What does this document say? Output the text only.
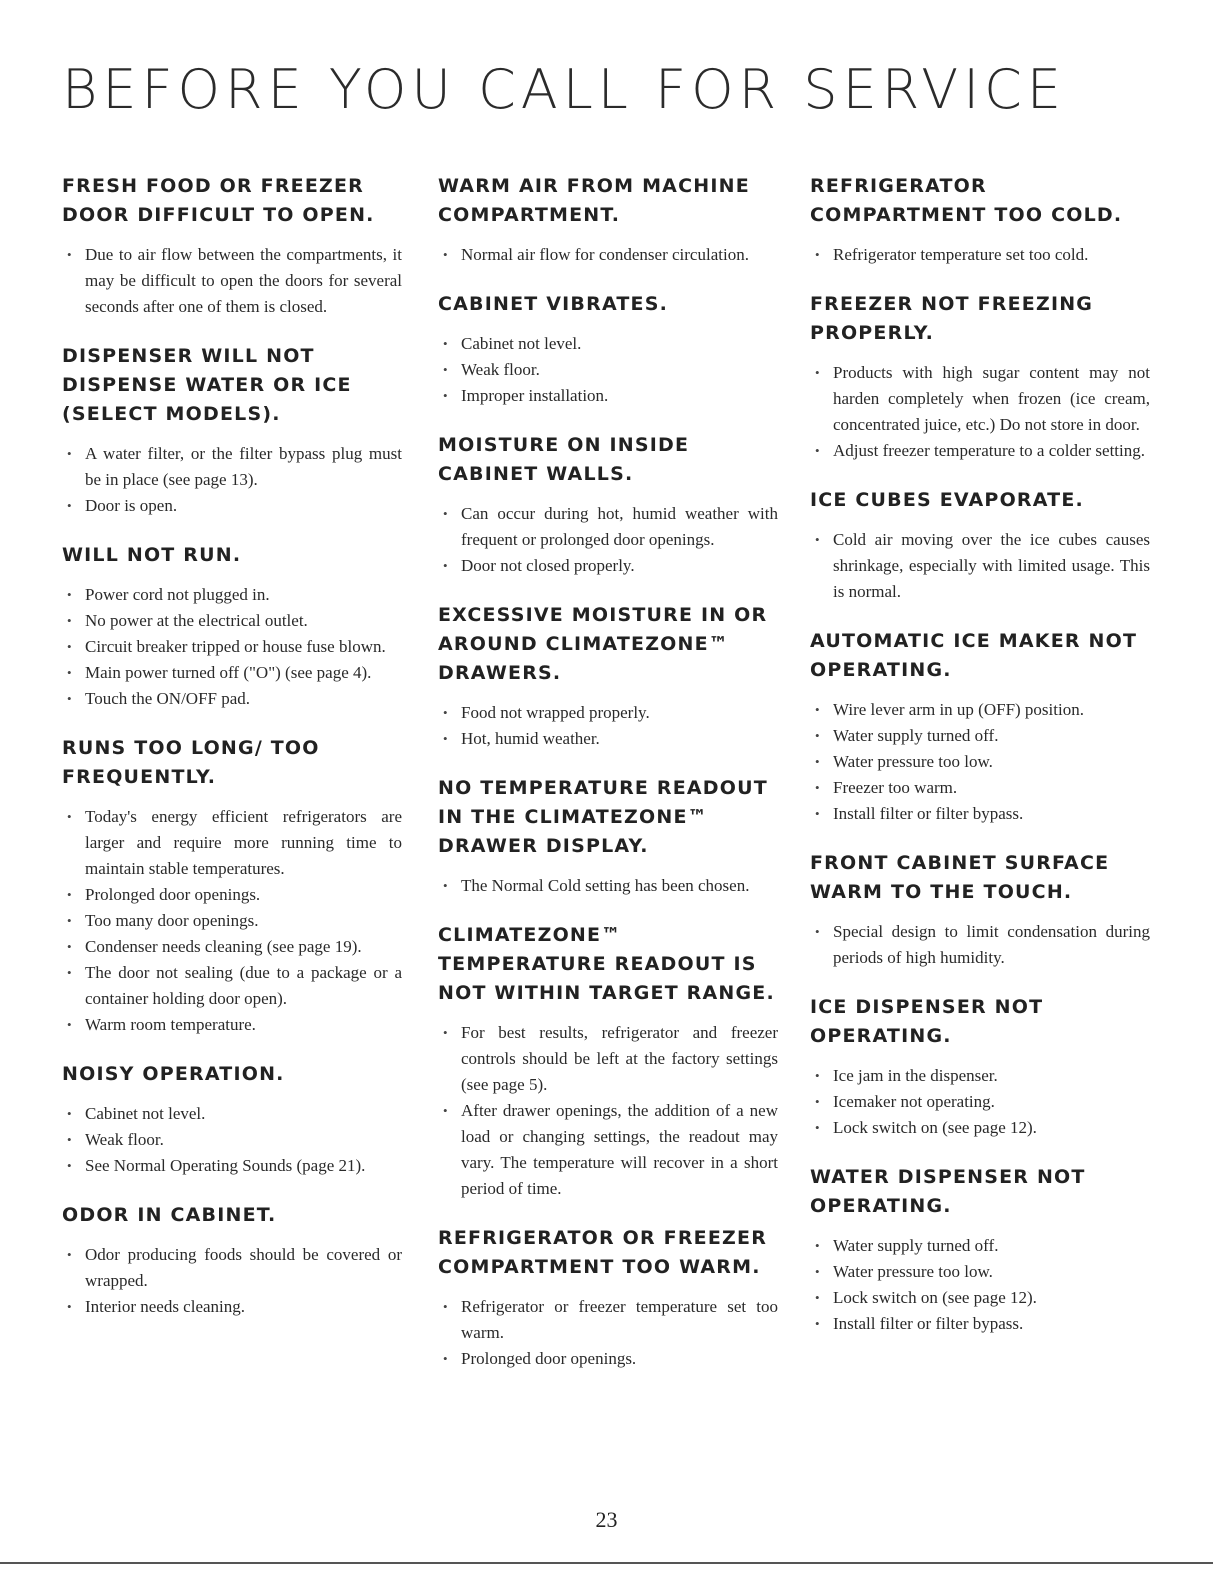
BEFORE YOU CALL FOR SERVICE
FRESH FOOD OR FREEZER DOOR DIFFICULT TO OPEN.
• Due to air flow between the compartments, it may be difficult to open the doors for several seconds after one of them is closed.
DISPENSER WILL NOT DISPENSE WATER OR ICE (SELECT MODELS).
• A water filter, or the filter bypass plug must be in place (see page 13).
• Door is open.
WILL NOT RUN.
• Power cord not plugged in.
• No power at the electrical outlet.
• Circuit breaker tripped or house fuse blown.
• Main power turned off ("O") (see page 4).
• Touch the ON/OFF pad.
RUNS TOO LONG/ TOO FREQUENTLY.
• Today's energy efficient refrigerators are larger and require more running time to maintain stable temperatures.
• Prolonged door openings.
• Too many door openings.
• Condenser needs cleaning (see page 19).
• The door not sealing (due to a package or a container holding door open).
• Warm room temperature.
NOISY OPERATION.
• Cabinet not level.
• Weak floor.
• See Normal Operating Sounds (page 21).
ODOR IN CABINET.
• Odor producing foods should be covered or wrapped.
• Interior needs cleaning.
WARM AIR FROM MACHINE COMPARTMENT.
• Normal air flow for condenser circulation.
CABINET VIBRATES.
• Cabinet not level.
• Weak floor.
• Improper installation.
MOISTURE ON INSIDE CABINET WALLS.
• Can occur during hot, humid weather with frequent or prolonged door openings.
• Door not closed properly.
EXCESSIVE MOISTURE IN OR AROUND CLIMATEZONE™ DRAWERS.
• Food not wrapped properly.
• Hot, humid weather.
NO TEMPERATURE READOUT IN THE CLIMATEZONE™ DRAWER DISPLAY.
• The Normal Cold setting has been chosen.
CLIMATEZONE™ TEMPERATURE READOUT IS NOT WITHIN TARGET RANGE.
• For best results, refrigerator and freezer controls should be left at the factory settings (see page 5).
• After drawer openings, the addition of a new load or changing settings, the readout may vary. The temperature will recover in a short period of time.
REFRIGERATOR OR FREEZER COMPARTMENT TOO WARM.
• Refrigerator or freezer temperature set too warm.
• Prolonged door openings.
REFRIGERATOR COMPARTMENT TOO COLD.
• Refrigerator temperature set too cold.
FREEZER NOT FREEZING PROPERLY.
• Products with high sugar content may not harden completely when frozen (ice cream, concentrated juice, etc.) Do not store in door.
• Adjust freezer temperature to a colder setting.
ICE CUBES EVAPORATE.
• Cold air moving over the ice cubes causes shrinkage, especially with limited usage. This is normal.
AUTOMATIC ICE MAKER NOT OPERATING.
• Wire lever arm in up (OFF) position.
• Water supply turned off.
• Water pressure too low.
• Freezer too warm.
• Install filter or filter bypass.
FRONT CABINET SURFACE WARM TO THE TOUCH.
• Special design to limit condensation during periods of high humidity.
ICE DISPENSER NOT OPERATING.
• Ice jam in the dispenser.
• Icemaker not operating.
• Lock switch on (see page 12).
WATER DISPENSER NOT OPERATING.
• Water supply turned off.
• Water pressure too low.
• Lock switch on (see page 12).
• Install filter or filter bypass.
23
